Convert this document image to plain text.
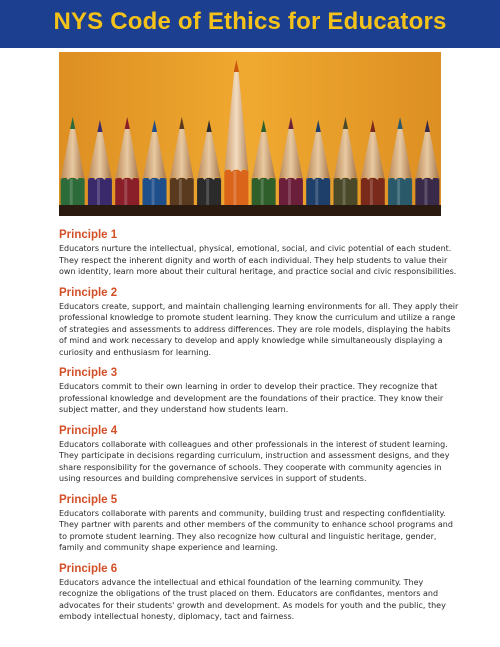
NYS Code of Ethics for Educators
Principle 1

Educators nurture the intellectual, physical, emotional, social, and civic potential of each student. They respect the inherent dignity and worth of each individual. They help students to value their own identity, learn more about their cultural heritage, and practice social and civic responsibilities.

Principle 2

Educators create, support, and maintain challenging learning environments for all. They apply their professional knowledge to promote student learning. They know the curriculum and utilize a range of strategies and assessments to address differences. They are role models, displaying the habits of mind and work necessary to develop and apply knowledge while simultaneously displaying a curiosity and enthusiasm for learning.

Principle 3

Educators commit to their own learning in order to develop their practice. They recognize that professional knowledge and development are the foundations of their practice. They know their subject matter, and they understand how students learn.

Principle 4

Educators collaborate with colleagues and other professionals in the interest of student learning. They participate in decisions regarding curriculum, instruction and assessment designs, and they share responsibility for the governance of schools. They cooperate with community agencies in using resources and building comprehensive services in support of students.

Principle 5

Educators collaborate with parents and community, building trust and respecting confidentiality. They partner with parents and other members of the community to enhance school programs and to promote student learning. They also recognize how cultural and linguistic heritage, gender, family and community shape experience and learning.

Principle 6

Educators advance the intellectual and ethical foundation of the learning community. They recognize the obligations of the trust placed on them. Educators are confidantes, mentors and advocates for their students' growth and development. As models for youth and the public, they embody intellectual honesty, diplomacy, tact and fairness.
